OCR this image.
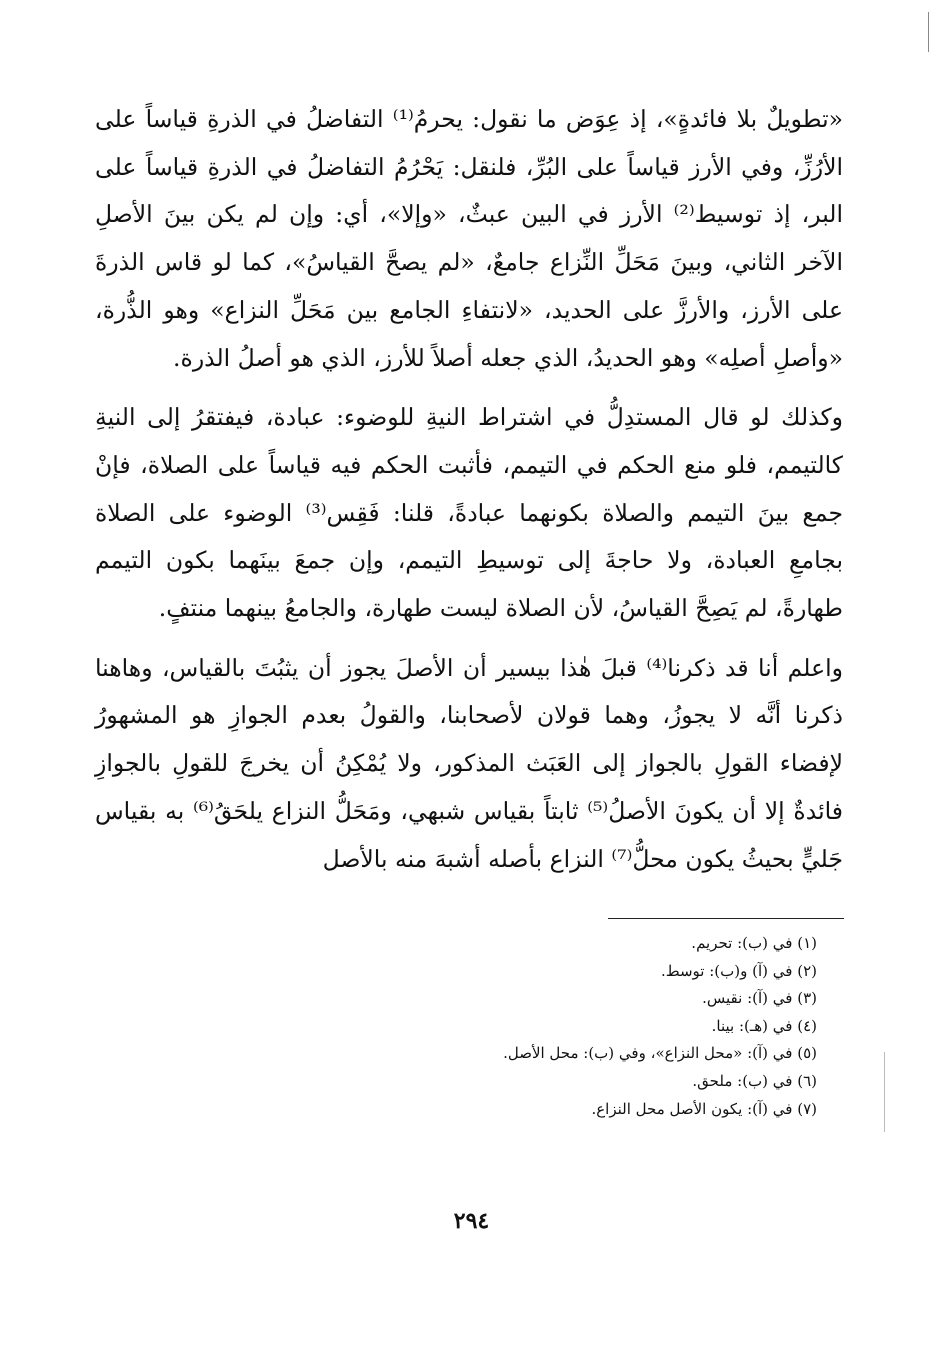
«تطويلٌ بلا فائدةٍ»، إذ عِوَض ما نقول: يحرمُ⁽¹⁾ التفاضلُ في الذرةِ قياساً على الأرُزِّ، وفي الأرز قياساً على البُرِّ، فلنقل: يَحْرُمُ التفاضلُ في الذرةِ قياساً على البر، إذ توسيط⁽²⁾ الأرز في البين عبثٌ، «وإلا»، أي: وإن لم يكن بينَ الأصلِ الآخر الثاني، وبينَ مَحَلِّ النِّزاع جامعٌ، «لم يصحَّ القياسُ»، كما لو قاس الذرةَ على الأرز، والأرزَّ على الحديد، «لانتفاءِ الجامع بين مَحَلِّ النزاع» وهو الذُّرة، «وأصلِ أصلِه» وهو الحديدُ، الذي جعله أصلاً للأرز، الذي هو أصلُ الذرة.

وكذلك لو قال المستدِلُّ في اشتراط النيةِ للوضوء: عبادة، فيفتقرُ إلى النيةِ كالتيمم، فلو منع الحكم في التيمم، فأثبت الحكم فيه قياساً على الصلاة، فإنْ جمع بينَ التيمم والصلاة بكونهما عبادةً، قلنا: فَقِس⁽³⁾ الوضوء على الصلاة بجامعِ العبادة، ولا حاجةَ إلى توسيطِ التيمم، وإن جمعَ بينَهما بكون التيمم طهارةً، لم يَصِحَّ القياسُ، لأن الصلاة ليست طهارة، والجامعُ بينهما منتفٍ.

واعلم أنا قد ذكرنا⁽⁴⁾ قبلَ هٰذا بيسير أن الأصلَ يجوز أن يثبُتَ بالقياس، وهاهنا ذكرنا أنَّه لا يجوزُ، وهما قولان لأصحابنا، والقولُ بعدم الجوازِ هو المشهورُ لإفضاء القولِ بالجواز إلى العَبَث المذكور، ولا يُمْكِنُ أن يخرجَ للقولِ بالجوازِ فائدةٌ إلا أن يكونَ الأصلُ⁽⁵⁾ ثابتاً بقياس شبهي، ومَحَلُّ النزاع يلحَقُ⁽⁶⁾ به بقياس جَليٍّ بحيثُ يكون محلُّ⁽⁷⁾ النزاع بأصله أشبهَ منه بالأصل

(١) في (ب): تحريم.
(٢) في (آ) و(ب): توسط.
(٣) في (آ): نقيس.
(٤) في (هـ): بينا.
(٥) في (آ): «محل النزاع»، وفي (ب): محل الأصل.
(٦) في (ب): ملحق.
(٧) في (آ): يكون الأصل محل النزاع.
٢٩٤
